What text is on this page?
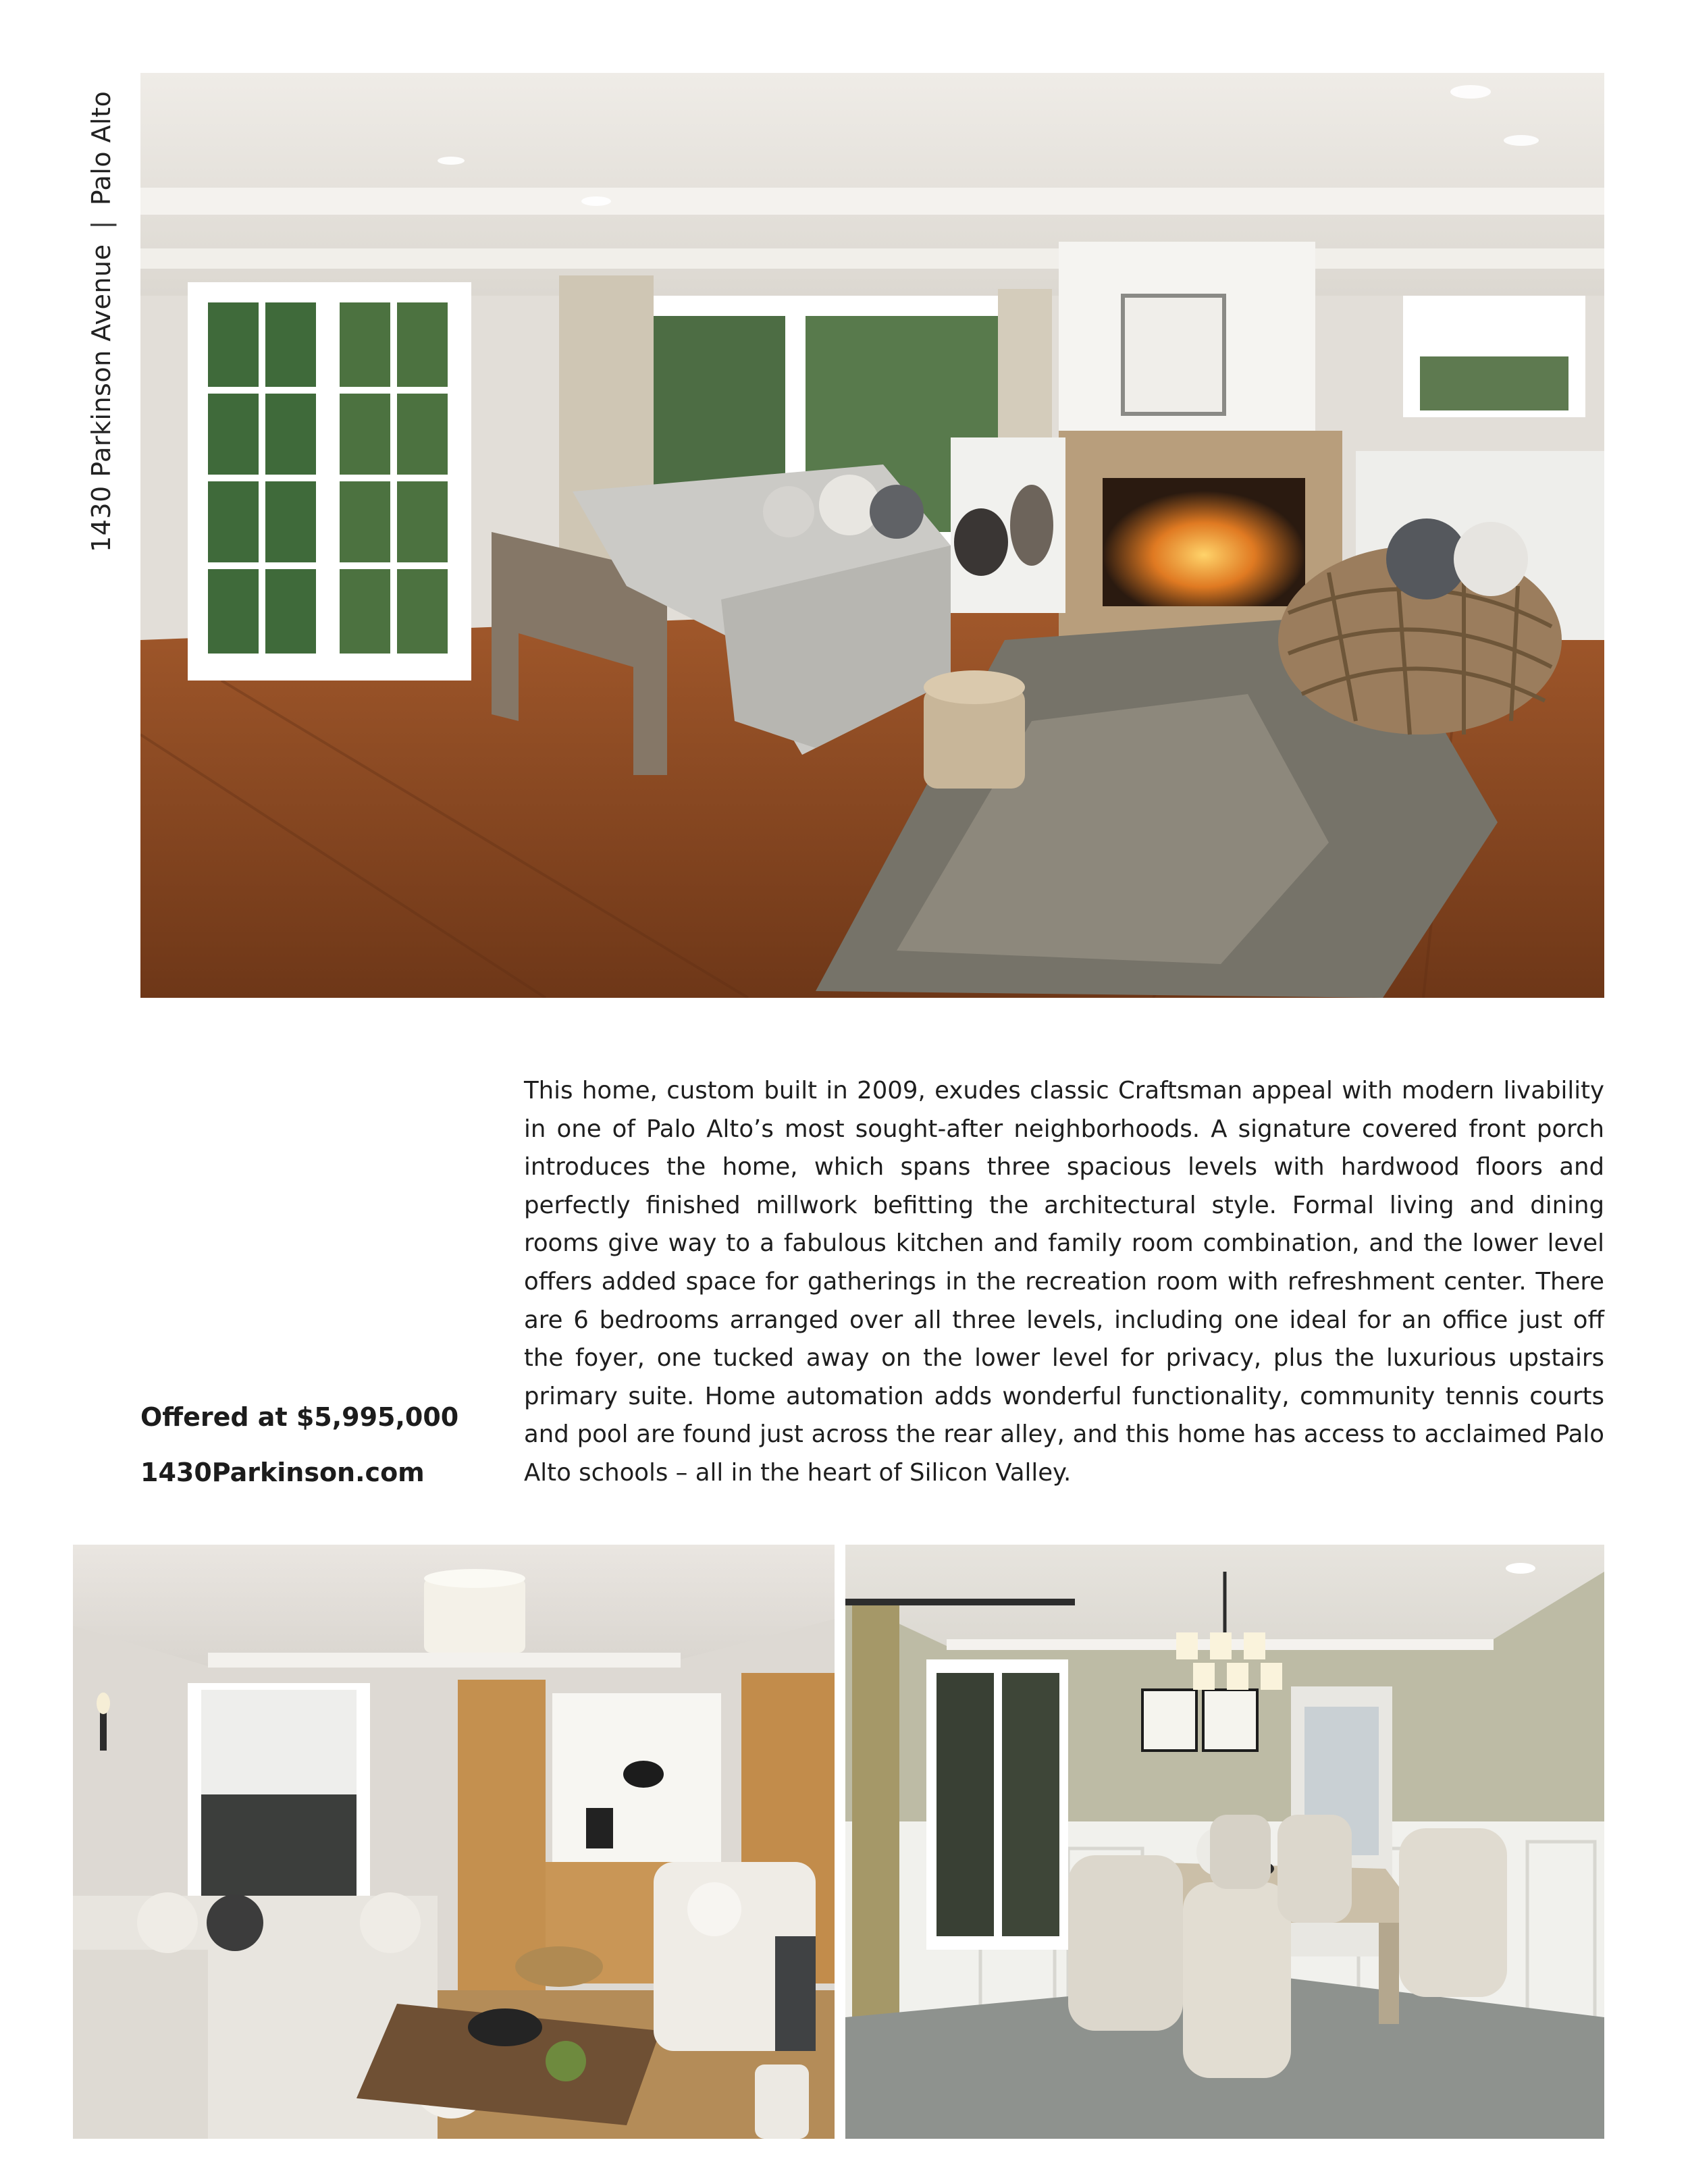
1430 Parkinson Avenue
|
Palo Alto
Offered at $5,995,000
1430Parkinson.com

This home, custom built in 2009, exudes classic Craftsman appeal with modern livability in one of Palo Alto’s most sought-after neighborhoods. A signature covered front porch introduces the home, which spans three spacious levels with hardwood floors and perfectly finished millwork befitting the architectural style. Formal living and dining rooms give way to a fabulous kitchen and family room combination, and the lower level offers added space for gatherings in the recreation room with refreshment center. There are 6 bedrooms arranged over all three levels, including one ideal for an office just off the foyer, one tucked away on the lower level for privacy, plus the luxurious upstairs primary suite. Home automation adds wonderful functionality, community tennis courts and pool are found just across the rear alley, and this home has access to acclaimed Palo Alto schools – all in the heart of Silicon Valley.
